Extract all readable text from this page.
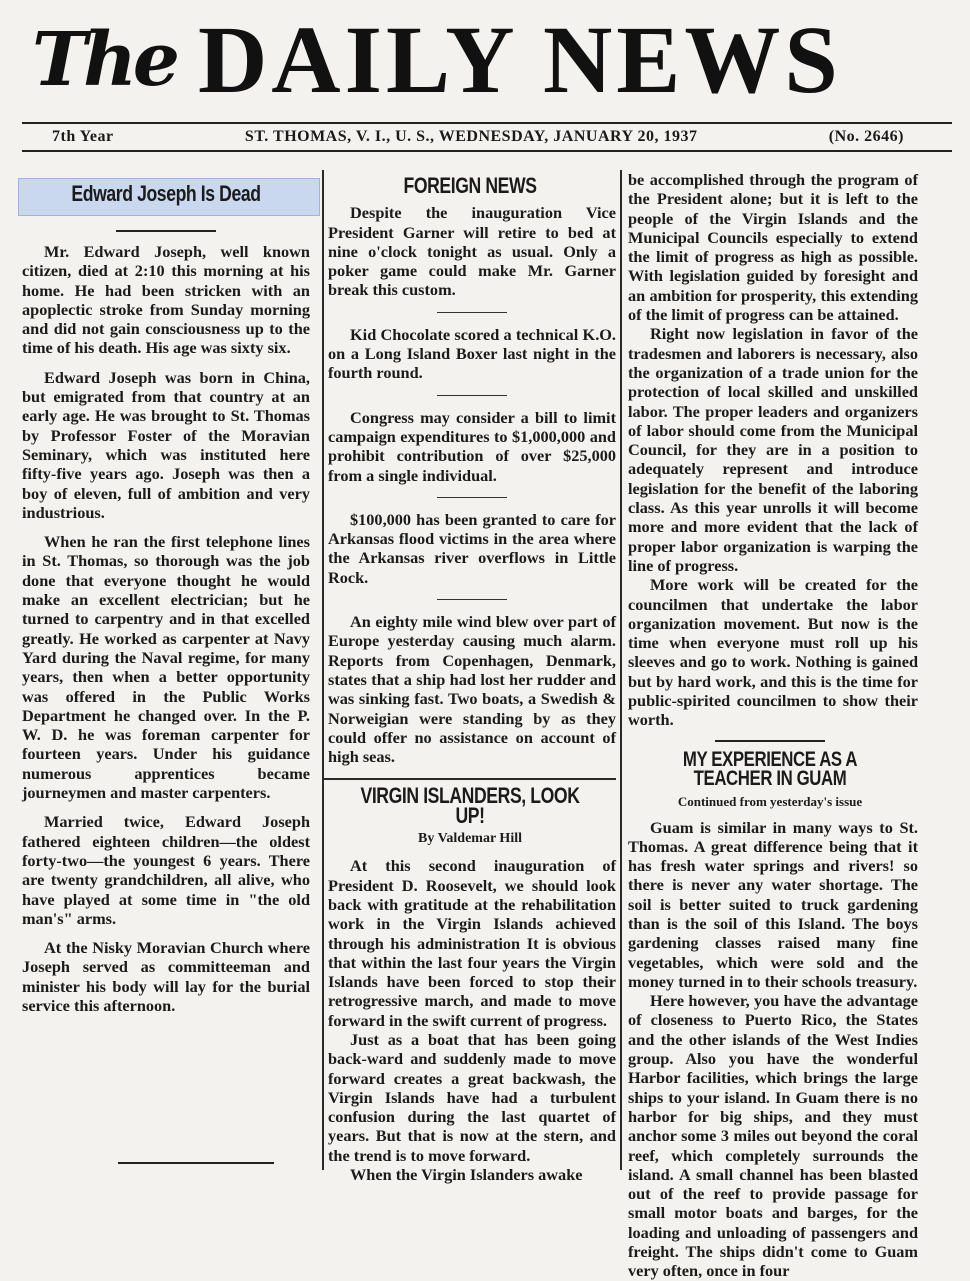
The DAILY NEWS
7th Year	ST. THOMAS, V. I., U. S., WEDNESDAY, JANUARY 20, 1937	(No. 2646)
Edward Joseph Is Dead

Mr. Edward Joseph, well known citizen, died at 2:10 this morning at his home. He had been stricken with an apoplectic stroke from Sunday morning and did not gain consciousness up to the time of his death. His age was sixty six.

Edward Joseph was born in China, but emigrated from that country at an early age. He was brought to St. Thomas by Professor Foster of the Moravian Seminary, which was instituted here fifty-five years ago. Joseph was then a boy of eleven, full of ambition and very industrious.

When he ran the first telephone lines in St. Thomas, so thorough was the job done that everyone thought he would make an excellent electrician; but he turned to carpentry and in that excelled greatly. He worked as carpenter at Navy Yard during the Naval regime, for many years, then when a better opportunity was offered in the Public Works Department he changed over. In the P. W. D. he was foreman carpenter for fourteen years. Under his guidance numerous apprentices became journeymen and master carpenters.

Married twice, Edward Joseph fathered eighteen children—the oldest forty-two—the youngest 6 years. There are twenty grandchildren, all alive, who have played at some time in "the old man's" arms.

At the Nisky Moravian Church where Joseph served as committeeman and minister his body will lay for the burial service this afternoon.

FOREIGN NEWS

Despite the inauguration Vice President Garner will retire to bed at nine o'clock tonight as usual. Only a poker game could make Mr. Garner break this custom.

Kid Chocolate scored a technical K.O. on a Long Island Boxer last night in the fourth round.

Congress may consider a bill to limit campaign expenditures to $1,000,000 and prohibit contribution of over $25,000 from a single individual.

$100,000 has been granted to care for Arkansas flood victims in the area where the Arkansas river overflows in Little Rock.

An eighty mile wind blew over part of Europe yesterday causing much alarm. Reports from Copenhagen, Denmark, states that a ship had lost her rudder and was sinking fast. Two boats, a Swedish & Norweigian were standing by as they could offer no assistance on account of high seas.

VIRGIN ISLANDERS, LOOK UP!

By Valdemar Hill

At this second inauguration of President D. Roosevelt, we should look back with gratitude at the rehabilitation work in the Virgin Islands achieved through his administration It is obvious that within the last four years the Virgin Islands have been forced to stop their retrogressive march, and made to move forward in the swift current of progress.

Just as a boat that has been going back-ward and suddenly made to move forward creates a great backwash, the Virgin Islands have had a turbulent confusion during the last quartet of years. But that is now at the stern, and the trend is to move forward.

When the Virgin Islanders awake

be accomplished through the program of the President alone; but it is left to the people of the Virgin Islands and the Municipal Councils especially to extend the limit of progress as high as possible. With legislation guided by foresight and an ambition for prosperity, this extending of the limit of progress can be attained.

Right now legislation in favor of the tradesmen and laborers is necessary, also the organization of a trade union for the protection of local skilled and unskilled labor. The proper leaders and organizers of labor should come from the Municipal Council, for they are in a position to adequately represent and introduce legislation for the benefit of the laboring class. As this year unrolls it will become more and more evident that the lack of proper labor organization is warping the line of progress.

More work will be created for the councilmen that undertake the labor organization movement. But now is the time when everyone must roll up his sleeves and go to work. Nothing is gained but by hard work, and this is the time for public-spirited councilmen to show their worth.

MY EXPERIENCE AS A TEACHER IN GUAM

Continued from yesterday's issue

Guam is similar in many ways to St. Thomas. A great difference being that it has fresh water springs and rivers! so there is never any water shortage. The soil is better suited to truck gardening than is the soil of this Island. The boys gardening classes raised many fine vegetables, which were sold and the money turned in to their schools treasury.

Here however, you have the advantage of closeness to Puerto Rico, the States and the other islands of the West Indies group. Also you have the wonderful Harbor facilities, which brings the large ships to your island. In Guam there is no harbor for big ships, and they must anchor some 3 miles out beyond the coral reef, which completely surrounds the island. A small channel has been blasted out of the reef to provide passage for small motor boats and barges, for the loading and unloading of passengers and freight. The ships didn't come to Guam very often, once in four
